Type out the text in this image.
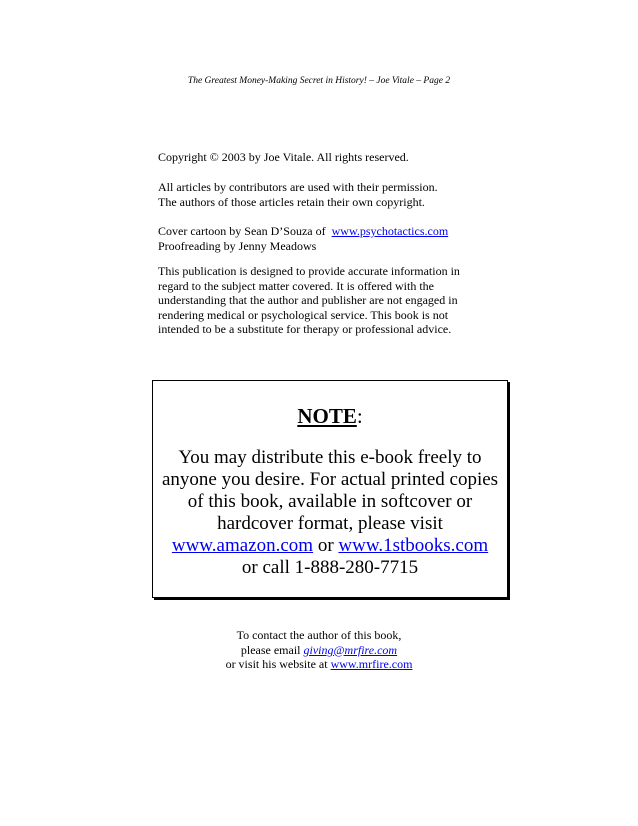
The Greatest Money-Making Secret in History! – Joe Vitale – Page 2
Copyright © 2003 by Joe Vitale. All rights reserved.
All articles by contributors are used with their permission.
The authors of those articles retain their own copyright.
Cover cartoon by Sean D’Souza of www.psychotactics.com
Proofreading by Jenny Meadows
This publication is designed to provide accurate information in
regard to the subject matter covered. It is offered with the
understanding that the author and publisher are not engaged in
rendering medical or psychological service. This book is not
intended to be a substitute for therapy or professional advice.
NOTE:
You may distribute this e-book freely to
anyone you desire. For actual printed copies
of this book, available in softcover or
hardcover format, please visit
www.amazon.com or www.1stbooks.com
or call 1-888-280-7715
To contact the author of this book,
please email giving@mrfire.com
or visit his website at www.mrfire.com
